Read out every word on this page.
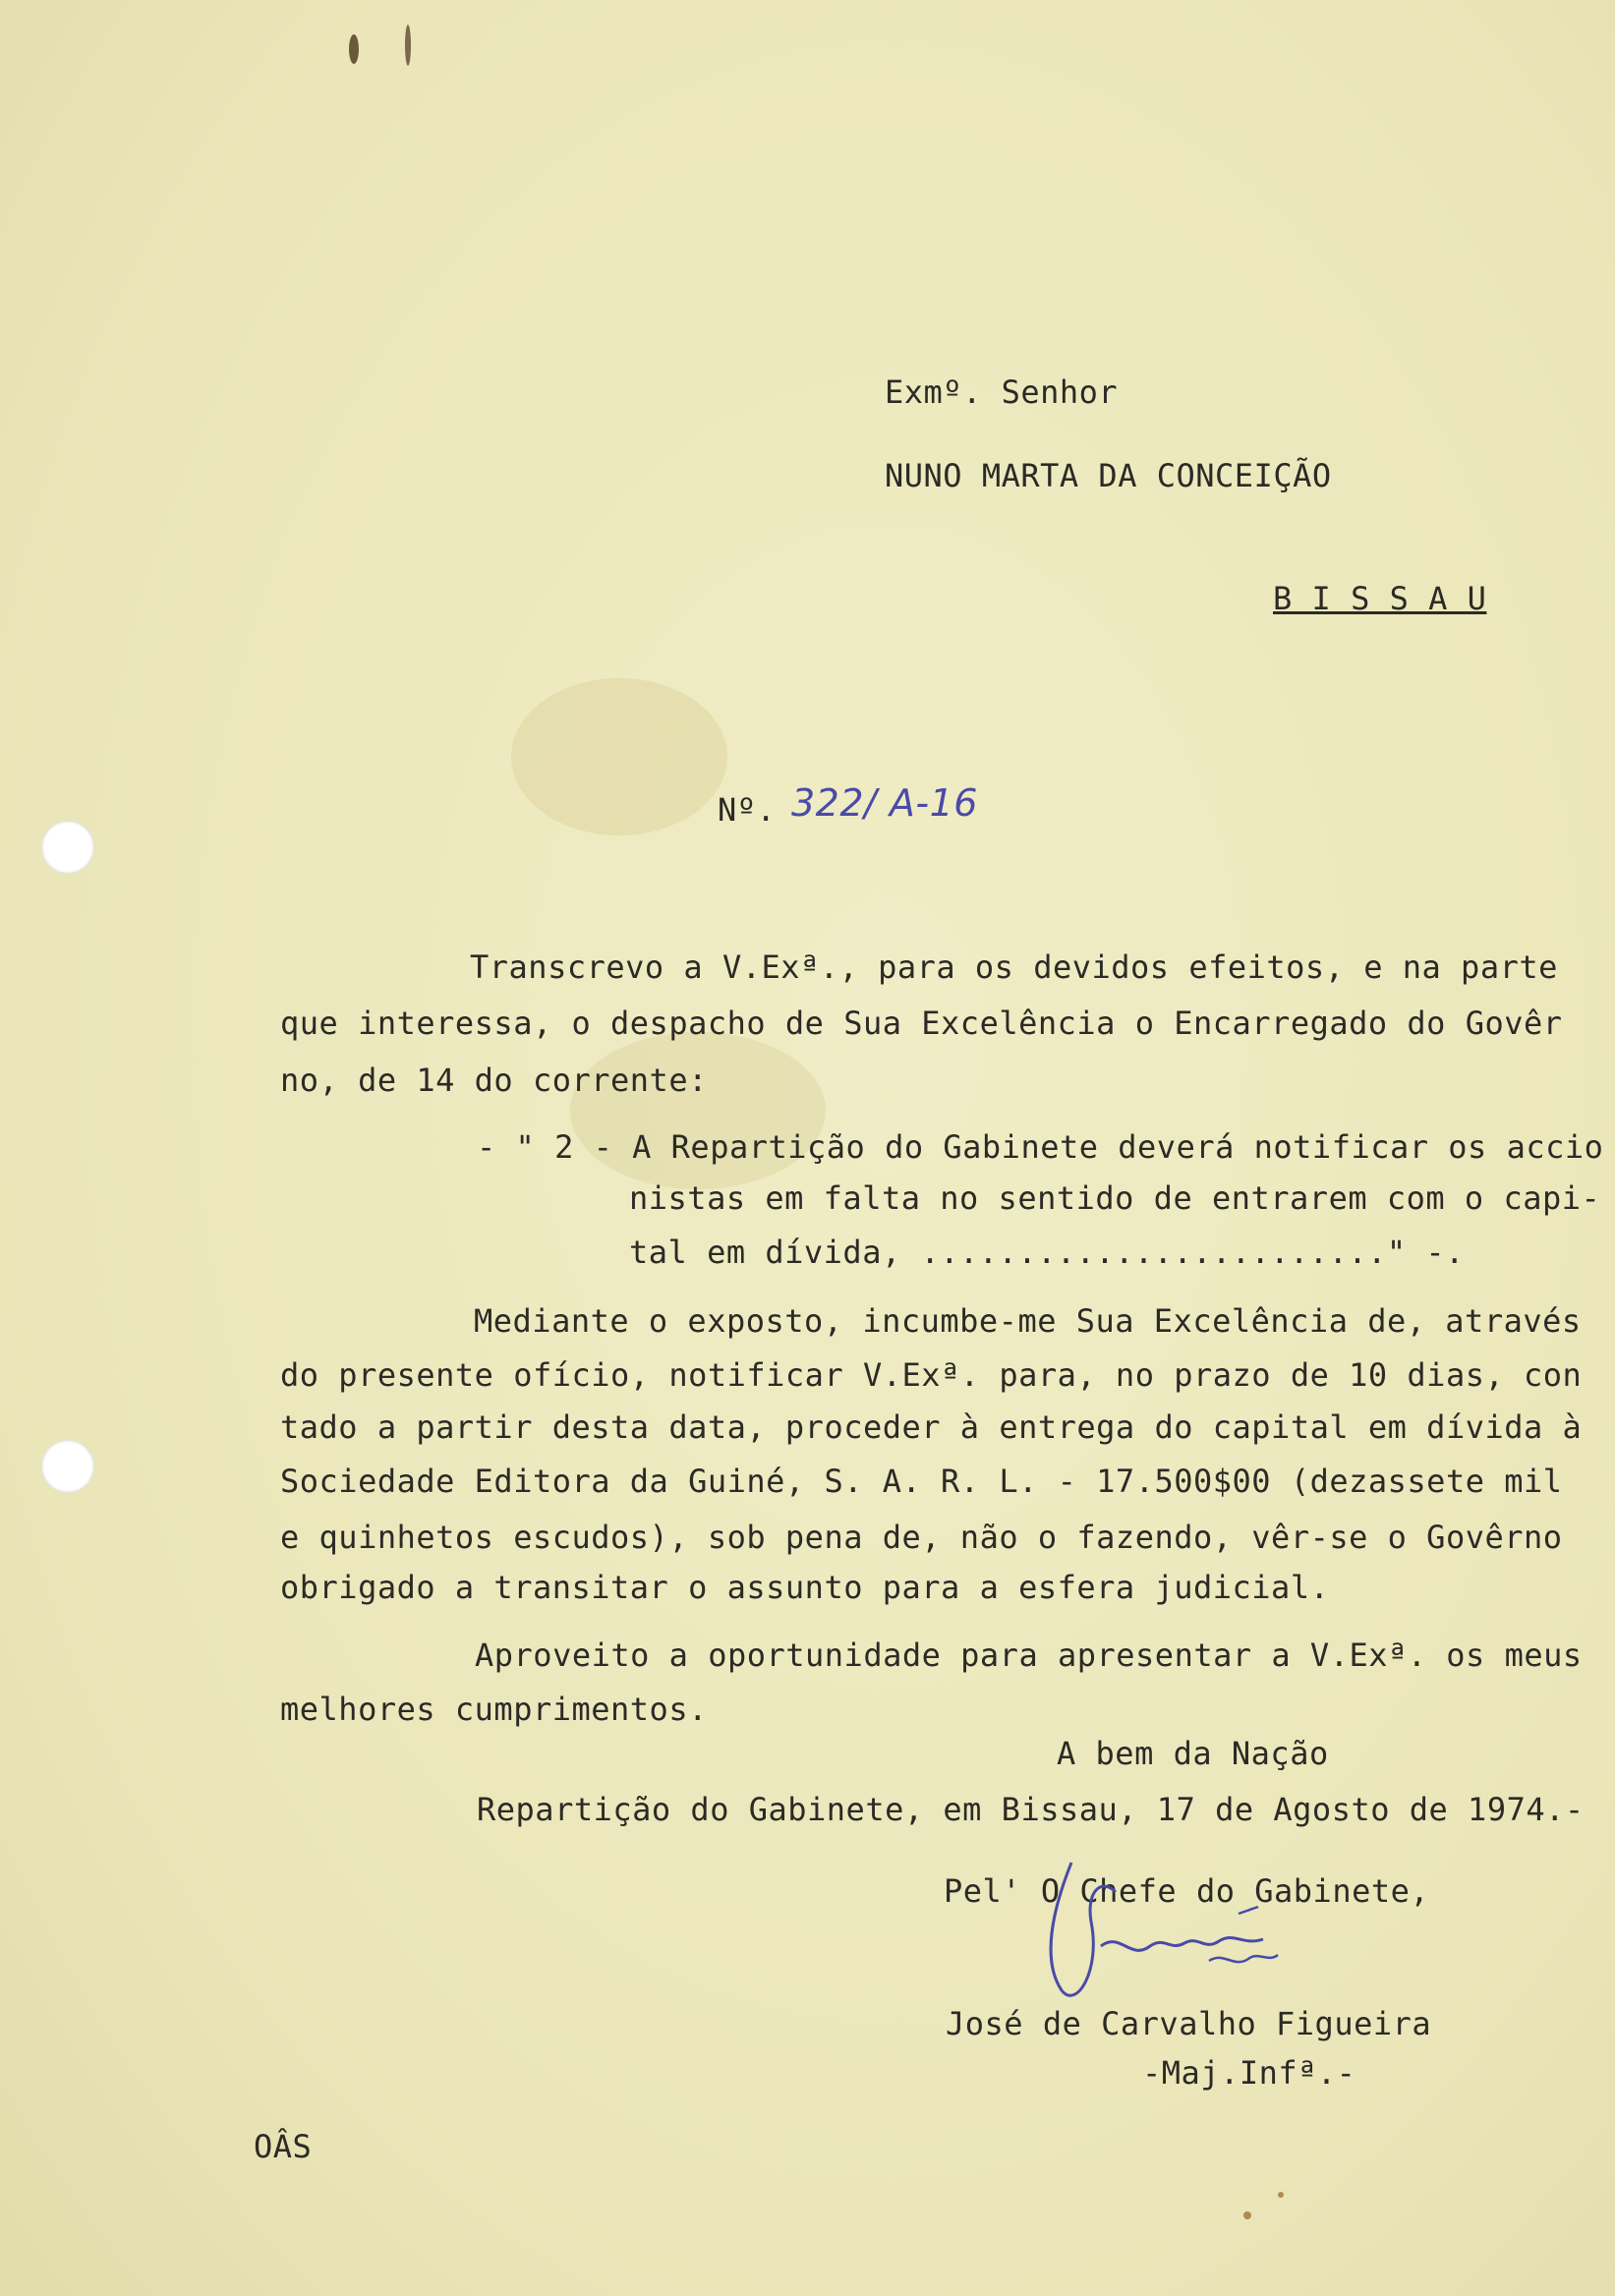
Exmº. Senhor
NUNO MARTA DA CONCEIÇÃO
B I S S A U
Nº. 322/ A-16
Transcrevo a V.Exª., para os devidos efeitos, e na parte
que interessa, o despacho de Sua Excelência o Encarregado do Govêr
no, de 14 do corrente:
- " 2 - A Repartição do Gabinete deverá notificar os accio
nistas em falta no sentido de entrarem com o capi-
tal em dívida, ........................" -.
Mediante o exposto, incumbe-me Sua Excelência de, através
do presente ofício, notificar V.Exª. para, no prazo de 10 dias, con
tado a partir desta data, proceder à entrega do capital em dívida à
Sociedade Editora da Guiné, S. A. R. L. - 17.500$00 (dezassete mil
e quinhetos escudos), sob pena de, não o fazendo, vêr-se o Govêrno
obrigado a transitar o assunto para a esfera judicial.
Aproveito a oportunidade para apresentar a V.Exª. os meus
melhores cumprimentos.
A bem da Nação
Repartição do Gabinete, em Bissau, 17 de Agosto de 1974.-
Pel' O Chefe do Gabinete,
José de Carvalho Figueira
-Maj.Infª.-
OÂS
